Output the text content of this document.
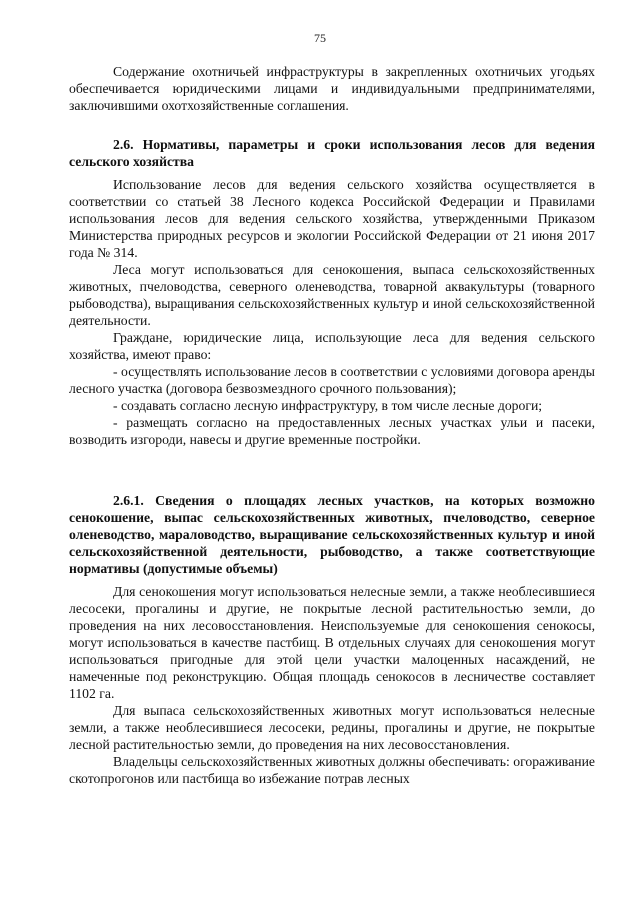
75

Содержание охотничьей инфраструктуры в закрепленных охотничьих угодьях обеспечивается юридическими лицами и индивидуальными предпринимателями, заключившими охотхозяйственные соглашения.

2.6. Нормативы, параметры и сроки использования лесов для ведения сельского хозяйства

Использование лесов для ведения сельского хозяйства осуществляется в соответствии со статьей 38 Лесного кодекса Российской Федерации и Правилами использования лесов для ведения сельского хозяйства, утвержденными Приказом Министерства природных ресурсов и экологии Российской Федерации от 21 июня 2017 года № 314.

Леса могут использоваться для сенокошения, выпаса сельскохозяйственных животных, пчеловодства, северного оленеводства, товарной аквакультуры (товарного рыбоводства), выращивания сельскохозяйственных культур и иной сельскохозяйственной деятельности.

Граждане, юридические лица, использующие леса для ведения сельского хозяйства, имеют право:

- осуществлять использование лесов в соответствии с условиями договора аренды лесного участка (договора безвозмездного срочного пользования);

- создавать согласно лесную инфраструктуру, в том числе лесные дороги;

- размещать согласно на предоставленных лесных участках ульи и пасеки, возводить изгороди, навесы и другие временные постройки.

2.6.1. Сведения о площадях лесных участков, на которых возможно сенокошение, выпас сельскохозяйственных животных, пчеловодство, северное оленеводство, мараловодство, выращивание сельскохозяйственных культур и иной сельскохозяйственной деятельности, рыбоводство, а также соответствующие нормативы (допустимые объемы)

Для сенокошения могут использоваться нелесные земли, а также необлесившиеся лесосеки, прогалины и другие, не покрытые лесной растительностью земли, до проведения на них лесовосстановления. Неиспользуемые для сенокошения сенокосы, могут использоваться в качестве пастбищ. В отдельных случаях для сенокошения могут использоваться пригодные для этой цели участки малоценных насаждений, не намеченные под реконструкцию. Общая площадь сенокосов в лесничестве составляет 1102 га.

Для выпаса сельскохозяйственных животных могут использоваться нелесные земли, а также необлесившиеся лесосеки, редины, прогалины и другие, не покрытые лесной растительностью земли, до проведения на них лесовосстановления.

Владельцы сельскохозяйственных животных должны обеспечивать: огораживание скотопрогонов или пастбища во избежание потрав лесных
